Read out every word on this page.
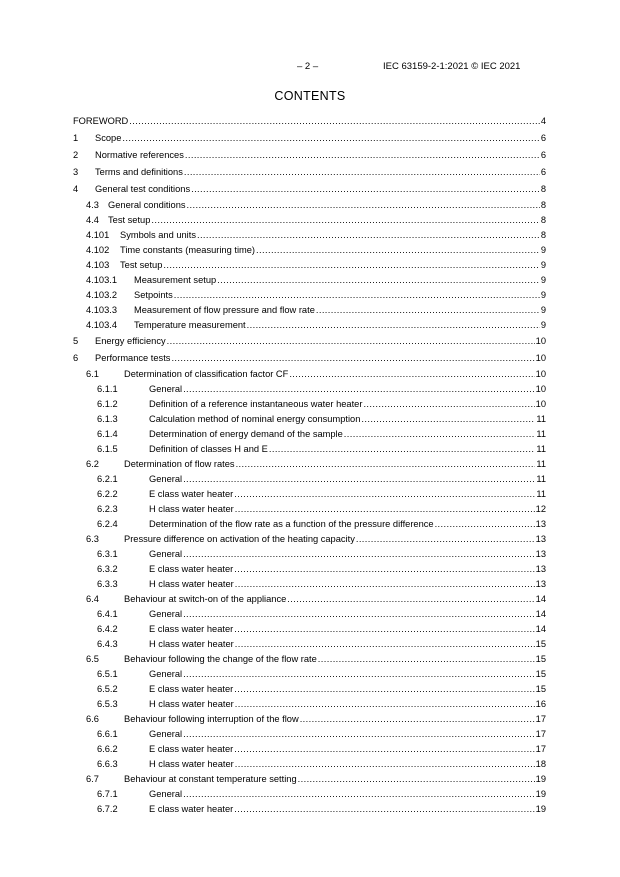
– 2 –	IEC 63159-2-1:2021 © IEC 2021
CONTENTS
FOREWORD .....	4
1	Scope .....	6
2	Normative references .....	6
3	Terms and definitions .....	6
4	General test conditions .....	8
4.3 General conditions .....	8
4.4 Test setup .....	8
4.101	Symbols and units .....	8
4.102	Time constants (measuring time) .....	9
4.103	Test setup .....	9
4.103.1	Measurement setup .....	9
4.103.2	Setpoints .....	9
4.103.3	Measurement of flow pressure and flow rate .....	9
4.103.4	Temperature measurement .....	9
5	Energy efficiency .....	10
6	Performance tests .....	10
6.1	Determination of classification factor CF .....	10
6.1.1	General .....	10
6.1.2	Definition of a reference instantaneous water heater .....	10
6.1.3	Calculation method of nominal energy consumption .....	11
6.1.4	Determination of energy demand of the sample .....	11
6.1.5	Definition of classes H and E .....	11
6.2	Determination of flow rates .....	11
6.2.1	General .....	11
6.2.2	E class water heater .....	11
6.2.3	H class water heater .....	12
6.2.4	Determination of the flow rate as a function of the pressure difference .....	13
6.3	Pressure difference on activation of the heating capacity .....	13
6.3.1	General .....	13
6.3.2	E class water heater .....	13
6.3.3	H class water heater .....	13
6.4	Behaviour at switch-on of the appliance .....	14
6.4.1	General .....	14
6.4.2	E class water heater .....	14
6.4.3	H class water heater .....	15
6.5	Behaviour following the change of the flow rate .....	15
6.5.1	General .....	15
6.5.2	E class water heater .....	15
6.5.3	H class water heater .....	16
6.6	Behaviour following interruption of the flow .....	17
6.6.1	General .....	17
6.6.2	E class water heater .....	17
6.6.3	H class water heater .....	18
6.7	Behaviour at constant temperature setting .....	19
6.7.1	General .....	19
6.7.2	E class water heater .....	19
